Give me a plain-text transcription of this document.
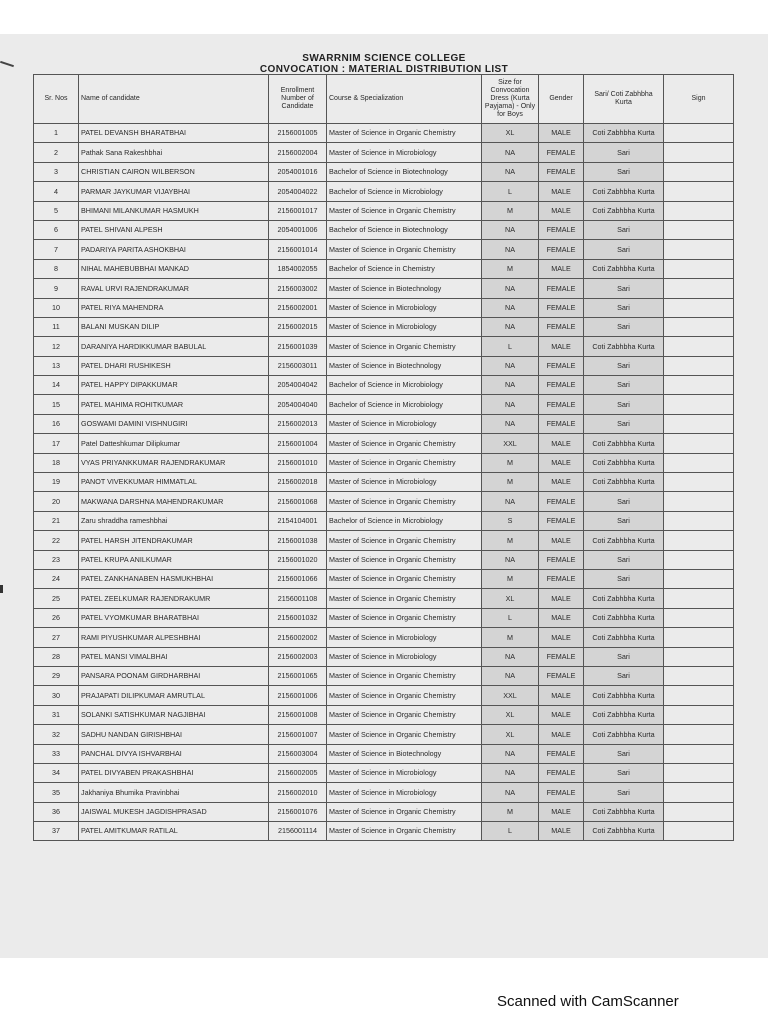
SWARRNIM SCIENCE COLLEGE
CONVOCATION : MATERIAL DISTRIBUTION LIST
Sr. Nos	Name of candidate	Enrollment Number of Candidate	Course & Specialization	Size for Convocation Dress (Kurta Payjama) - Only for Boys	Gender	Sari/ Coti Zabhbha Kurta	Sign
1	PATEL DEVANSH BHARATBHAI	2156001005	Master of Science in Organic Chemistry	XL	MALE	Coti Zabhbha Kurta	
2	Pathak Sana Rakeshbhai	2156002004	Master of Science in Microbiology	NA	FEMALE	Sari	
3	CHRISTIAN CAIRON WILBERSON	2054001016	Bachelor of Science in Biotechnology	NA	FEMALE	Sari	
4	PARMAR JAYKUMAR VIJAYBHAI	2054004022	Bachelor of Science in Microbiology	L	MALE	Coti Zabhbha Kurta	
5	BHIMANI MILANKUMAR HASMUKH	2156001017	Master of Science in Organic Chemistry	M	MALE	Coti Zabhbha Kurta	
6	PATEL SHIVANI ALPESH	2054001006	Bachelor of Science in Biotechnology	NA	FEMALE	Sari	
7	PADARIYA PARITA ASHOKBHAI	2156001014	Master of Science in Organic Chemistry	NA	FEMALE	Sari	
8	NIHAL MAHEBUBBHAI MANKAD	1854002055	Bachelor of Science in Chemistry	M	MALE	Coti Zabhbha Kurta	
9	RAVAL URVI RAJENDRAKUMAR	2156003002	Master of Science in Biotechnology	NA	FEMALE	Sari	
10	PATEL RIYA MAHENDRA	2156002001	Master of Science in Microbiology	NA	FEMALE	Sari	
11	BALANI MUSKAN DILIP	2156002015	Master of Science in Microbiology	NA	FEMALE	Sari	
12	DARANIYA HARDIKKUMAR BABULAL	2156001039	Master of Science in Organic Chemistry	L	MALE	Coti Zabhbha Kurta	
13	PATEL DHARI RUSHIKESH	2156003011	Master of Science in Biotechnology	NA	FEMALE	Sari	
14	PATEL HAPPY DIPAKKUMAR	2054004042	Bachelor of Science in Microbiology	NA	FEMALE	Sari	
15	PATEL MAHIMA ROHITKUMAR	2054004040	Bachelor of Science in Microbiology	NA	FEMALE	Sari	
16	GOSWAMI DAMINI VISHNUGIRI	2156002013	Master of Science in Microbiology	NA	FEMALE	Sari	
17	Patel Datteshkumar Dilipkumar	2156001004	Master of Science in Organic Chemistry	XXL	MALE	Coti Zabhbha Kurta	
18	VYAS PRIYANKKUMAR RAJENDRAKUMAR	2156001010	Master of Science in Organic Chemistry	M	MALE	Coti Zabhbha Kurta	
19	PANOT VIVEKKUMAR HIMMATLAL	2156002018	Master of Science in Microbiology	M	MALE	Coti Zabhbha Kurta	
20	MAKWANA DARSHNA MAHENDRAKUMAR	2156001068	Master of Science in Organic Chemistry	NA	FEMALE	Sari	
21	Zaru shraddha rameshbhai	2154104001	Bachelor of Science in Microbiology	S	FEMALE	Sari	
22	PATEL HARSH JITENDRAKUMAR	2156001038	Master of Science in Organic Chemistry	M	MALE	Coti Zabhbha Kurta	
23	PATEL KRUPA ANILKUMAR	2156001020	Master of Science in Organic Chemistry	NA	FEMALE	Sari	
24	PATEL ZANKHANABEN HASMUKHBHAI	2156001066	Master of Science in Organic Chemistry	M	FEMALE	Sari	
25	PATEL ZEELKUMAR RAJENDRAKUMR	2156001108	Master of Science in Organic Chemistry	XL	MALE	Coti Zabhbha Kurta	
26	PATEL VYOMKUMAR BHARATBHAI	2156001032	Master of Science in Organic Chemistry	L	MALE	Coti Zabhbha Kurta	
27	RAMI PIYUSHKUMAR ALPESHBHAI	2156002002	Master of Science in Microbiology	M	MALE	Coti Zabhbha Kurta	
28	PATEL MANSI VIMALBHAI	2156002003	Master of Science in Microbiology	NA	FEMALE	Sari	
29	PANSARA POONAM GIRDHARBHAI	2156001065	Master of Science in Organic Chemistry	NA	FEMALE	Sari	
30	PRAJAPATI DILIPKUMAR AMRUTLAL	2156001006	Master of Science in Organic Chemistry	XXL	MALE	Coti Zabhbha Kurta	
31	SOLANKI SATISHKUMAR NAGJIBHAI	2156001008	Master of Science in Organic Chemistry	XL	MALE	Coti Zabhbha Kurta	
32	SADHU NANDAN GIRISHBHAI	2156001007	Master of Science in Organic Chemistry	XL	MALE	Coti Zabhbha Kurta	
33	PANCHAL DIVYA ISHVARBHAI	2156003004	Master of Science in Biotechnology	NA	FEMALE	Sari	
34	PATEL DIVYABEN PRAKASHBHAI	2156002005	Master of Science in Microbiology	NA	FEMALE	Sari	
35	Jakhaniya Bhumika Pravinbhai	2156002010	Master of Science in Microbiology	NA	FEMALE	Sari	
36	JAISWAL MUKESH JAGDISHPRASAD	2156001076	Master of Science in Organic Chemistry	M	MALE	Coti Zabhbha Kurta	
37	PATEL AMITKUMAR RATILAL	2156001114	Master of Science in Organic Chemistry	L	MALE	Coti Zabhbha Kurta	
Scanned with CamScanner
